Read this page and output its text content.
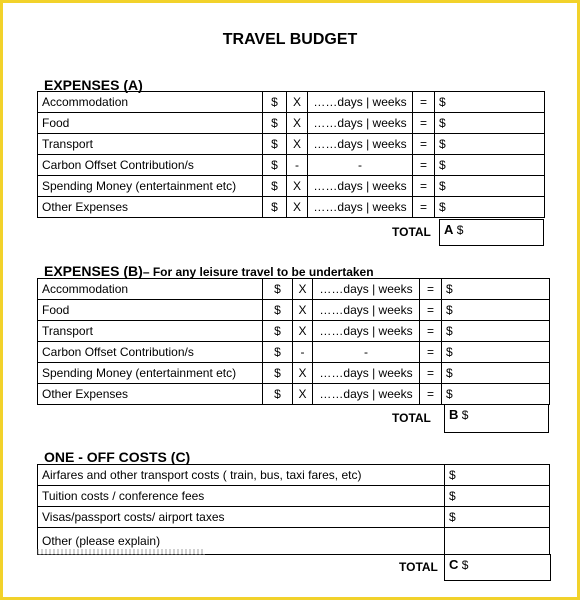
TRAVEL BUDGET
EXPENSES (A)
Accommodation	$	X	……days | weeks	=	$
Food	$	X	……days | weeks	=	$
Transport	$	X	……days | weeks	=	$
Carbon Offset Contribution/s	$	-	-	=	$
Spending Money (entertainment etc)	$	X	……days | weeks	=	$
Other Expenses	$	X	……days | weeks	=	$
TOTAL	A $
EXPENSES (B)– For any leisure travel to be undertaken
Accommodation	$	X	……days | weeks	=	$
Food	$	X	……days | weeks	=	$
Transport	$	X	……days | weeks	=	$
Carbon Offset Contribution/s	$	-	-	=	$
Spending Money (entertainment etc)	$	X	……days | weeks	=	$
Other Expenses	$	X	……days | weeks	=	$
TOTAL	B $
ONE - OFF COSTS (C)
Airfares and other transport costs ( train, bus, taxi fares, etc)	$
Tuition costs / conference fees	$
Visas/passport costs/ airport taxes	$
Other (please explain)	
TOTAL C $
